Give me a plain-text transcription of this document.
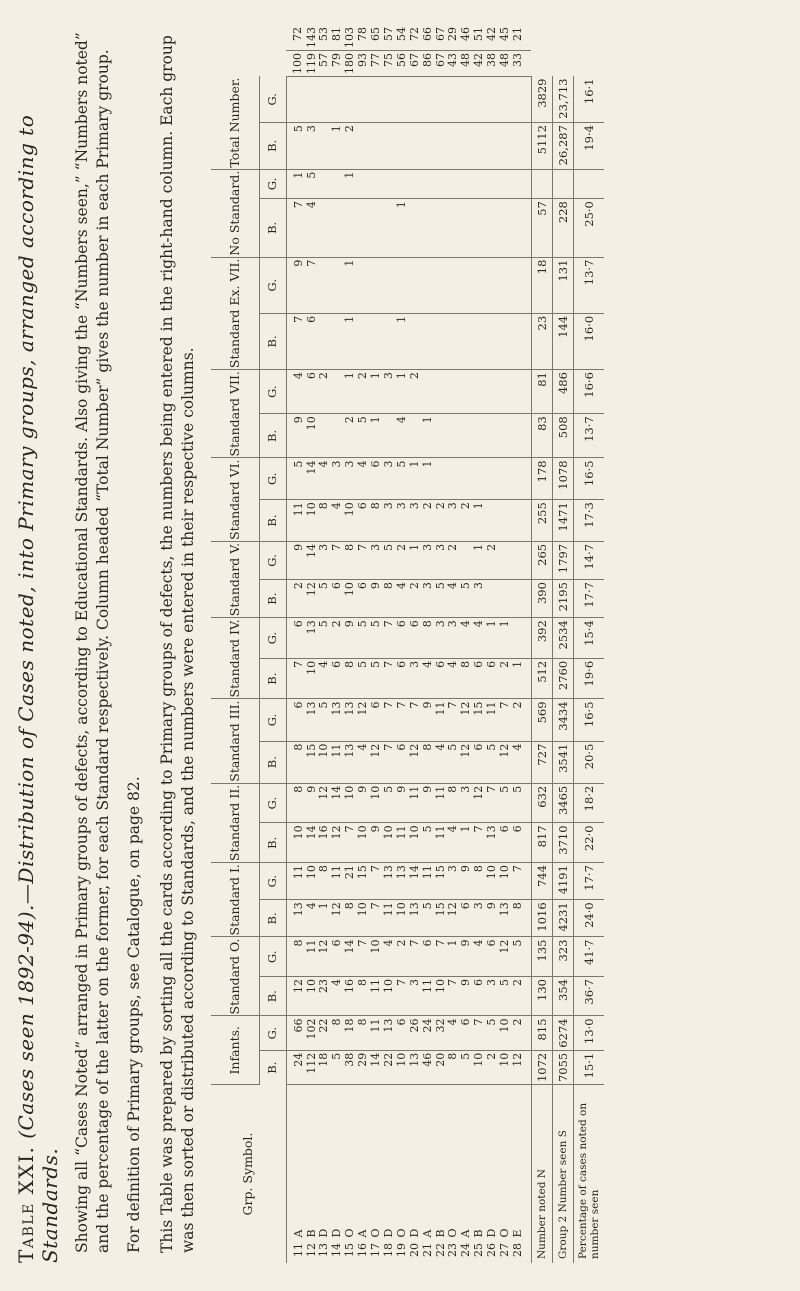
Table XXI. (Cases seen 1892-94).—Distribution of Cases noted, into Primary groups, arranged according to Standards. Showing all “Cases Noted” arranged in Primary groups of defects, according to Educational Standards. Also giving the “Numbers seen,” “Numbers noted” and the percentage of the latter on the former, for each Standard respectively. Column headed “Total Number” gives the number in each Primary group. For definition of Primary groups, see Catalogue, on page 82. This Table was prepared by sorting all the cards according to Primary groups of defects, the numbers being entered in the right-hand column. Each group was then sorted or distributed according to Standards, and the numbers were entered in their respective columns.	Grp. Symbol.	Infants.		Standard O.		Standard I.		Standard II.		Standard III.		Standard IV.		Standard V.		Standard VI.		Standard VII.		Standard Ex. VII.		No Standard.		Total Number.			
	B.	G.	B.	G.	B.	G.	B.	G.	B.	G.	B.	G.	B.	G.	B.	G.	B.	G.	B.	G.	B.	G.	B.	G.		
11 A	24	66	12	8	13	11	10	8	8	6	7	6	2	9	11	5	9	4	7	9	7	1	5		100	72
12 B	112	102	10	11	4	10	14	9	15	13	10	13	12	14	10	14	10	6	6	7	4	5	3		119	143
13 D	18	22	23	12	1	8	16	12	10	5	4	5	5	3	8	4		2							57	53
14 D	5	8	4	6	12	11	12	14	11	13	6	2	6	7	4	3							1		79	81
15 O	38	18	16	14	8	21	7	10	13	13	8	9	10	8	10	3	2	1	1	1		1	2		180	103
16 A	29	8	8	7	10	15	10	9	4	12	5	5	6	7	6	4	5	2							93	78
17 O	14	11	11	10	7	7	9	10	12	6	5	5	9	3	8	6	1	1							77	65
18 D	22	13	10	4	11	13	10	5	7	7	7	7	8	5	3	3		3							75	57
19 O	10	6	7	2	10	13	11	9	6	7	6	6	4	2	3	5	4	1	1		1				56	54
20 D	13	26	3	7	13	14	10	11	12	7	3	6	2	1	3	1		2							67	72
21 A	46	24	11	6	5	11	5	9	8	9	4	8	3	3	2	1	1								86	66
22 B	20	32	10	7	15	15	11	11	4	11	6	3	5	3	2										67	67
23 O	8	4	7	1	12	3	4	8	5	7	4	3	4	2	3										43	29
24 A	5	6	9	9	6	9	1	3	12	12	8	4	5		2										48	46
25 B	10	7	6	4	3	8	7	12	6	15	6	4	3	1	1										42	51
26 D	2	5	3	6	9	10	13	7	5	11	6	1		2											38	42
27 O	10	10	5	12	13	10	6	5	12	7	2	1													48	45
28 E	12	2	2	5	8	7	6	5	4	2	1														33	21
Number noted N	1072	815	130	135	1016	744	817	632	727	569	512	392	390	265	255	178	83	81	23	18	57		5112	3829		
Group 2 Number seen S	7055	6274	354	323	4231	4191	3710	3465	3541	3434	2760	2534	2195	1797	1471	1078	508	486	144	131	228		26,287	23,713		
Percentage of cases noted on number seen	15·1	13·0	36·7	41·7	24·0	17·7	22·0	18·2	20·5	16·5	19·6	15·4	17·7	14·7	17·3	16·5	13·7	16·6	16·0	13·7	25·0		19·4	16·1		
